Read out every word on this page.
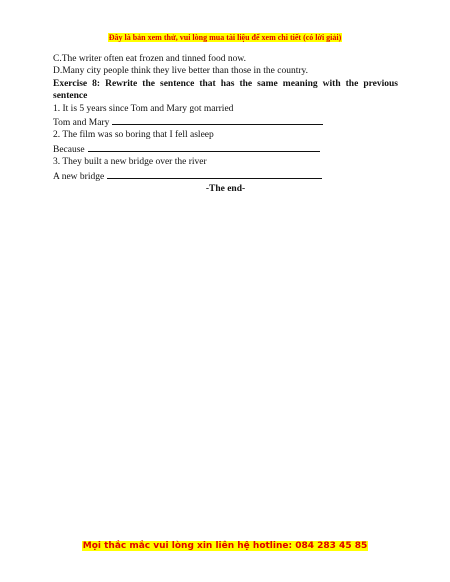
Đây là bản xem thử, vui lòng mua tài liệu để xem chi tiết (có lời giải)
C.The writer often eat frozen and tinned food now.
D.Many city people think they live better than those in the country.
Exercise 8: Rewrite the sentence that has the same meaning with the previous sentence
1. It is 5 years since Tom and Mary got married
Tom and Mary
2. The film was so boring that I fell asleep
Because
3. They built a new bridge over the river
A new bridge
-The end-
Mọi thắc mắc vui lòng xin liên hệ hotline: 084 283 45 85
